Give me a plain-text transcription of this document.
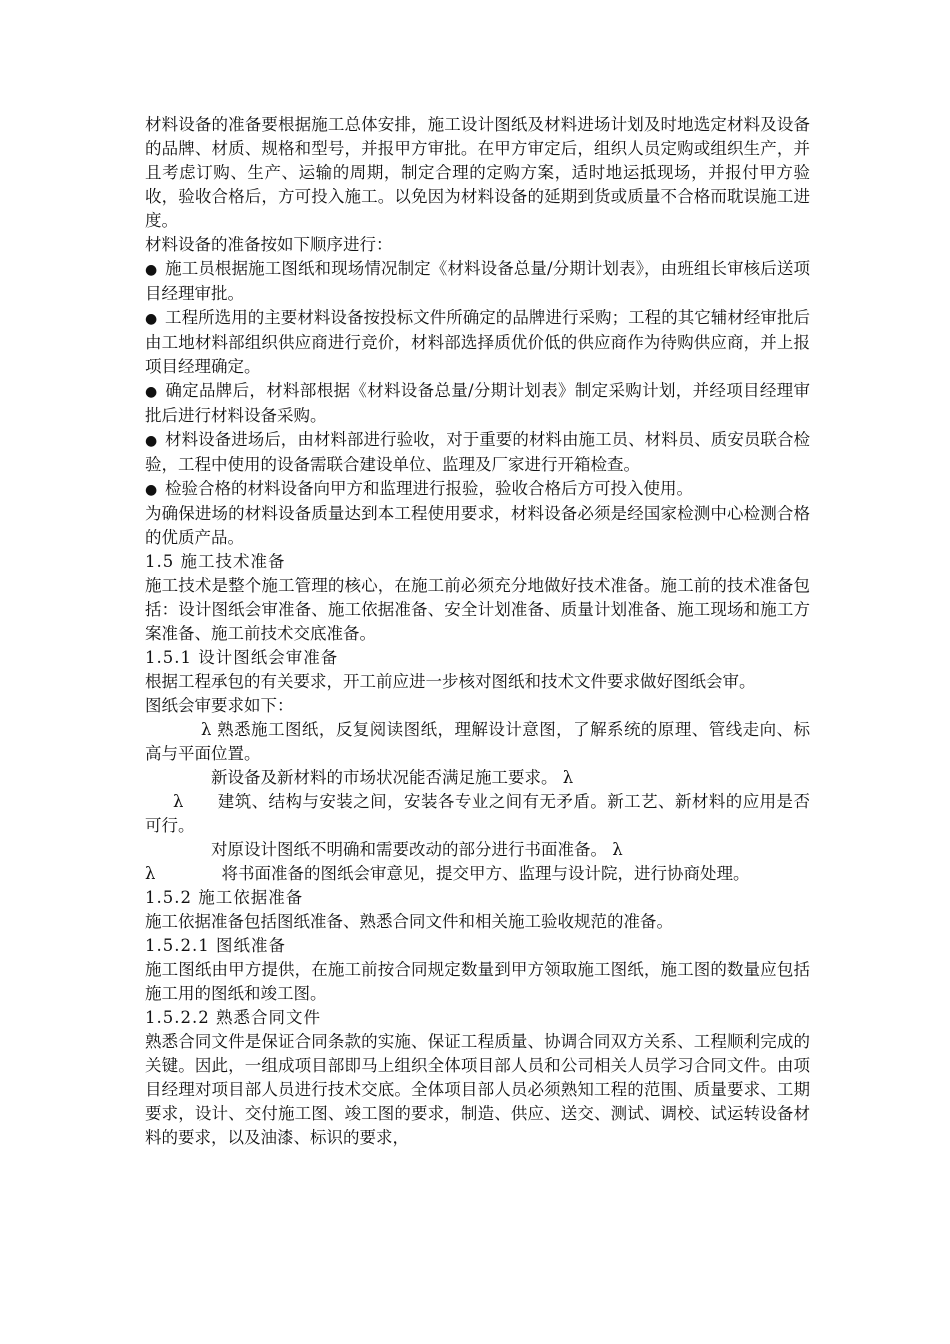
材料设备的准备要根据施工总体安排，施工设计图纸及材料进场计划及时地选定材料及设备的品牌、材质、规格和型号，并报甲方审批。在甲方审定后，组织人员定购或组织生产，并且考虑订购、生产、运输的周期，制定合理的定购方案，适时地运抵现场，并报付甲方验收，验收合格后，方可投入施工。以免因为材料设备的延期到货或质量不合格而耽误施工进度。

材料设备的准备按如下顺序进行：

● 施工员根据施工图纸和现场情况制定《材料设备总量/分期计划表》，由班组长审核后送项目经理审批。

● 工程所选用的主要材料设备按投标文件所确定的品牌进行采购；工程的其它辅材经审批后由工地材料部组织供应商进行竞价，材料部选择质优价低的供应商作为待购供应商，并上报项目经理确定。

● 确定品牌后，材料部根据《材料设备总量/分期计划表》制定采购计划，并经项目经理审批后进行材料设备采购。

● 材料设备进场后，由材料部进行验收，对于重要的材料由施工员、材料员、质安员联合检验，工程中使用的设备需联合建设单位、监理及厂家进行开箱检查。

● 检验合格的材料设备向甲方和监理进行报验，验收合格后方可投入使用。

为确保进场的材料设备质量达到本工程使用要求，材料设备必须是经国家检测中心检测合格的优质产品。

1.5 施工技术准备

施工技术是整个施工管理的核心，在施工前必须充分地做好技术准备。施工前的技术准备包括：设计图纸会审准备、施工依据准备、安全计划准备、质量计划准备、施工现场和施工方案准备、施工前技术交底准备。

1.5.1 设计图纸会审准备

根据工程承包的有关要求，开工前应进一步核对图纸和技术文件要求做好图纸会审。

图纸会审要求如下：

λ 熟悉施工图纸，反复阅读图纸，理解设计意图，了解系统的原理、管线走向、标高与平面位置。

新设备及新材料的市场状况能否满足施工要求。 λ

λ　　建筑、结构与安装之间，安装各专业之间有无矛盾。新工艺、新材料的应用是否可行。

对原设计图纸不明确和需要改动的部分进行书面准备。 λ

λ　　　　将书面准备的图纸会审意见，提交甲方、监理与设计院，进行协商处理。

1.5.2 施工依据准备

施工依据准备包括图纸准备、熟悉合同文件和相关施工验收规范的准备。

1.5.2.1 图纸准备

施工图纸由甲方提供，在施工前按合同规定数量到甲方领取施工图纸，施工图的数量应包括施工用的图纸和竣工图。

1.5.2.2 熟悉合同文件

熟悉合同文件是保证合同条款的实施、保证工程质量、协调合同双方关系、工程顺利完成的关键。因此，一组成项目部即马上组织全体项目部人员和公司相关人员学习合同文件。由项目经理对项目部人员进行技术交底。全体项目部人员必须熟知工程的范围、质量要求、工期要求，设计、交付施工图、竣工图的要求，制造、供应、送交、测试、调校、试运转设备材料的要求，以及油漆、标识的要求，
